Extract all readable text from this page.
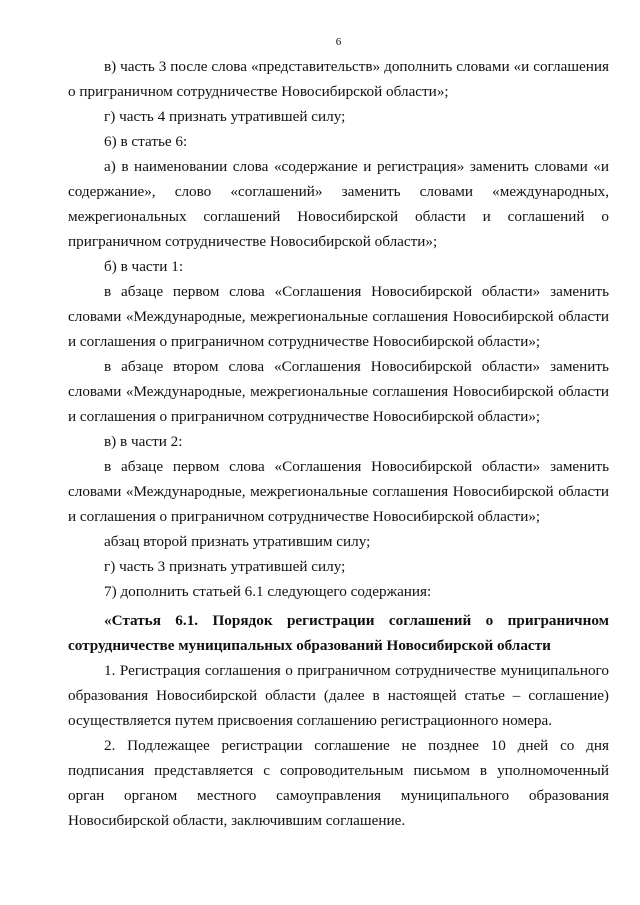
6

в) часть 3 после слова «представительств» дополнить словами «и соглашения о приграничном сотрудничестве Новосибирской области»;

г) часть 4 признать утратившей силу;

6) в статье 6:

а) в наименовании слова «содержание и регистрация» заменить словами «и содержание», слово «соглашений» заменить словами «международных, межрегиональных соглашений Новосибирской области и соглашений о приграничном сотрудничестве Новосибирской области»;

б) в части 1:

в абзаце первом слова «Соглашения Новосибирской области» заменить словами «Международные, межрегиональные соглашения Новосибирской области и соглашения о приграничном сотрудничестве Новосибирской области»;

в абзаце втором слова «Соглашения Новосибирской области» заменить словами «Международные, межрегиональные соглашения Новосибирской области и соглашения о приграничном сотрудничестве Новосибирской области»;

в) в части 2:

в абзаце первом слова «Соглашения Новосибирской области» заменить словами «Международные, межрегиональные соглашения Новосибирской области и соглашения о приграничном сотрудничестве Новосибирской области»;

абзац второй признать утратившим силу;

г) часть 3 признать утратившей силу;

7) дополнить статьей 6.1 следующего содержания:

«Статья 6.1. Порядок регистрации соглашений о приграничном сотрудничестве муниципальных образований Новосибирской области

1. Регистрация соглашения о приграничном сотрудничестве муниципального образования Новосибирской области (далее в настоящей статье – соглашение) осуществляется путем присвоения соглашению регистрационного номера.

2. Подлежащее регистрации соглашение не позднее 10 дней со дня подписания представляется с сопроводительным письмом в уполномоченный орган органом местного самоуправления муниципального образования Новосибирской области, заключившим соглашение.
